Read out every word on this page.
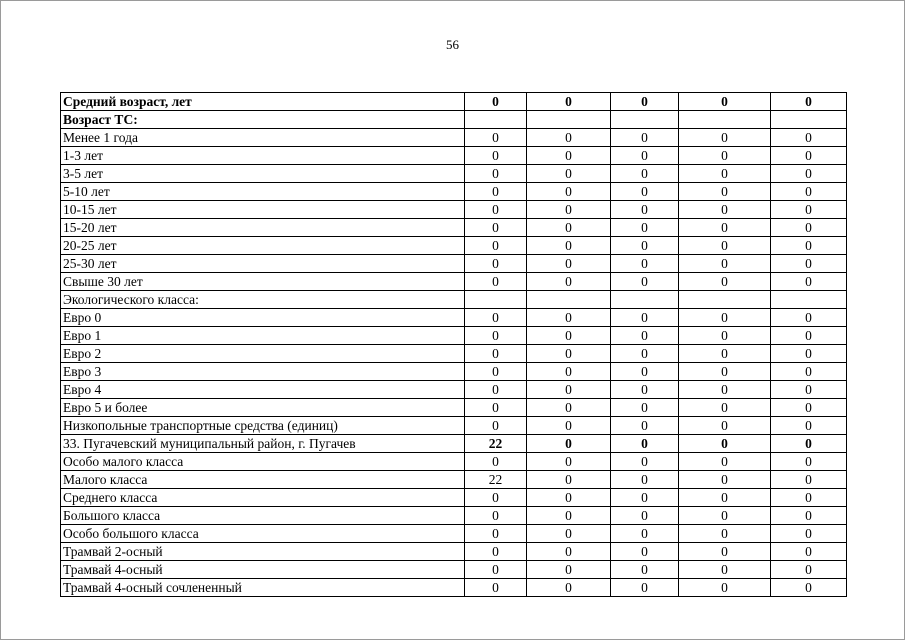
56
Средний возраст, лет	0	0	0	0	0
Возраст ТС:					
Менее 1 года	0	0	0	0	0
1-3 лет	0	0	0	0	0
3-5 лет	0	0	0	0	0
5-10 лет	0	0	0	0	0
10-15 лет	0	0	0	0	0
15-20 лет	0	0	0	0	0
20-25 лет	0	0	0	0	0
25-30 лет	0	0	0	0	0
Свыше 30 лет	0	0	0	0	0
Экологического класса:					
Евро 0	0	0	0	0	0
Евро 1	0	0	0	0	0
Евро 2	0	0	0	0	0
Евро 3	0	0	0	0	0
Евро 4	0	0	0	0	0
Евро 5 и более	0	0	0	0	0
Низкопольные транспортные средства (единиц)	0	0	0	0	0
33. Пугачевский муниципальный район, г. Пугачев	22	0	0	0	0
Особо малого класса	0	0	0	0	0
Малого класса	22	0	0	0	0
Среднего класса	0	0	0	0	0
Большого класса	0	0	0	0	0
Особо большого класса	0	0	0	0	0
Трамвай 2-осный	0	0	0	0	0
Трамвай 4-осный	0	0	0	0	0
Трамвай 4-осный сочлененный	0	0	0	0	0
